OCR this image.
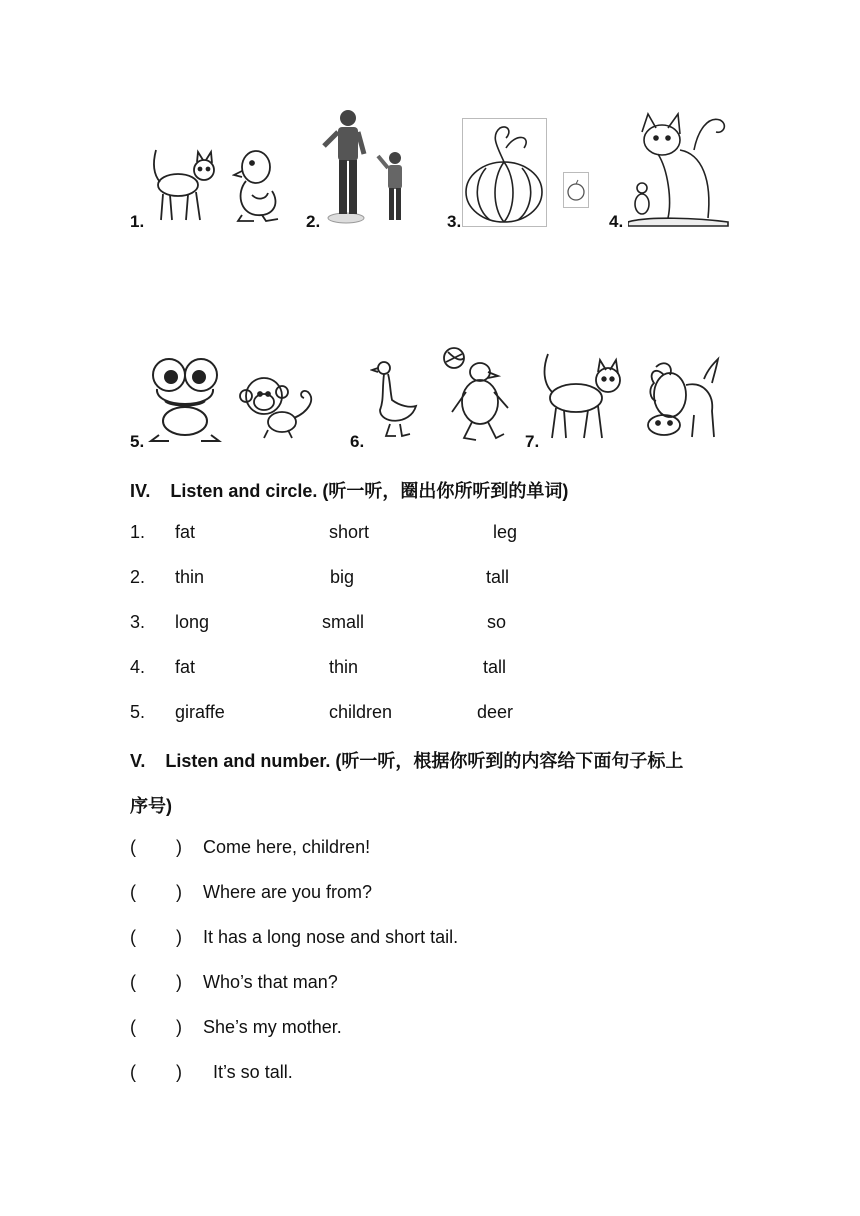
1.	2.	3.	4.
5.	6.	7.
IV.    Listen and circle. (听一听，圈出你所听到的单词)
1. fat	short	leg
2. thin	big	tall
3. long	small	so
4. fat	thin	tall
5. giraffe	children	deer
V.    Listen and number. (听一听，根据你听到的内容给下面句子标上
序号)
(        ) Come here, children!
(        ) Where are you from?
(        ) It has a long nose and short tail.
(        ) Who’s that man?
(        ) She’s my mother.
(        ) It’s so tall.
